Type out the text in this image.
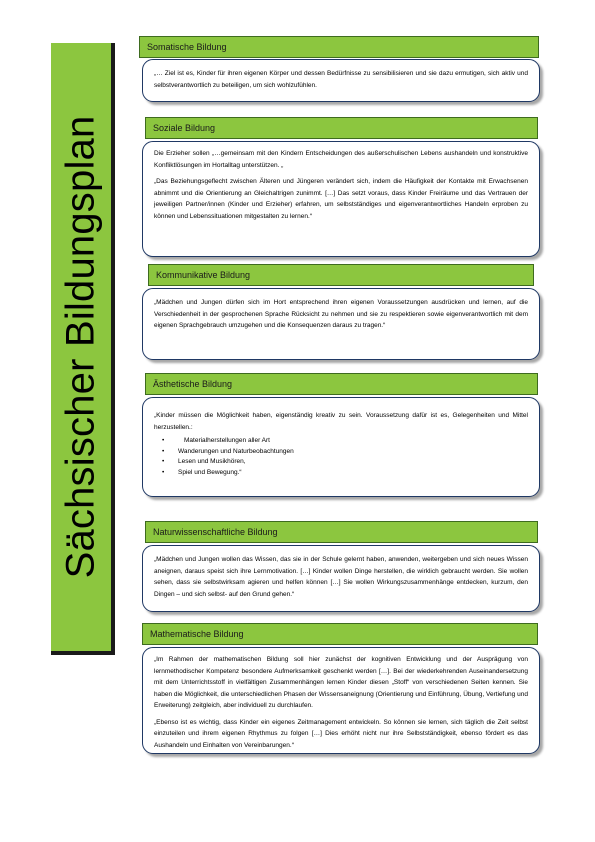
Sächsischer Bildungsplan
Somatische Bildung

„… Ziel ist es, Kinder für ihren eigenen Körper und dessen Bedürfnisse zu sensibilisieren und sie dazu ermutigen, sich aktiv und selbstverantwortlich zu beteiligen, um sich wohlzufühlen.

Soziale Bildung

Die Erzieher sollen „…gemeinsam mit den Kindern Entscheidungen des außerschulischen Lebens aushandeln und konstruktive Konfliktlösungen im Hortalltag unterstützen. „

„Das Beziehungsgeflecht zwischen Älteren und Jüngeren verändert sich, indem die Häufigkeit der Kontakte mit Erwachsenen abnimmt und die Orientierung an Gleichaltrigen zunimmt. […] Das setzt voraus, dass Kinder Freiräume und das Vertrauen der jeweiligen Partner/innen (Kinder und Erzieher) erfahren, um selbstständiges und eigenverantwortliches Handeln erproben zu können und Lebenssituationen mitgestalten zu lernen.“

Kommunikative Bildung

„Mädchen und Jungen dürfen sich im Hort entsprechend ihren eigenen Voraussetzungen ausdrücken und lernen, auf die Verschiedenheit in der gesprochenen Sprache Rücksicht zu nehmen und sie zu respektieren sowie eigenverantwortlich mit dem eigenen Sprachgebrauch umzugehen und die Konsequenzen daraus zu tragen.“

Ästhetische Bildung

„Kinder müssen die Möglichkeit haben, eigenständig kreativ zu sein. Voraussetzung dafür ist es, Gelegenheiten und Mittel herzustellen.:

• Materialherstellungen aller Art
• Wanderungen und Naturbeobachtungen
• Lesen und Musikhören,
• Spiel und Bewegung.“
Naturwissenschaftliche Bildung

„Mädchen und Jungen wollen das Wissen, das sie in der Schule gelernt haben, anwenden, weitergeben und sich neues Wissen aneignen, daraus speist sich ihre Lernmotivation. […] Kinder wollen Dinge herstellen, die wirklich gebraucht werden. Sie wollen sehen, dass sie selbstwirksam agieren und helfen können […] Sie wollen Wirkungszusammenhänge entdecken, kurzum, den Dingen – und sich selbst- auf den Grund gehen.“

Mathematische Bildung

„Im Rahmen der mathematischen Bildung soll hier zunächst der kognitiven Entwicklung und der Ausprägung von lernmethodischer Kompetenz besondere Aufmerksamkeit geschenkt werden […]. Bei der wiederkehrenden Auseinandersetzung mit dem Unterrichtsstoff in vielfältigen Zusammenhängen lernen Kinder diesen „Stoff“ von verschiedenen Seiten kennen. Sie haben die Möglichkeit, die unterschiedlichen Phasen der Wissensaneignung (Orientierung und Einführung, Übung, Vertiefung und Erweiterung) zeitgleich, aber individuell zu durchlaufen.

„Ebenso ist es wichtig, dass Kinder ein eigenes Zeitmanagement entwickeln. So können sie lernen, sich täglich die Zeit selbst einzuteilen und ihrem eigenen Rhythmus zu folgen […] Dies erhöht nicht nur ihre Selbstständigkeit, ebenso fördert es das Aushandeln und Einhalten von Vereinbarungen.“
